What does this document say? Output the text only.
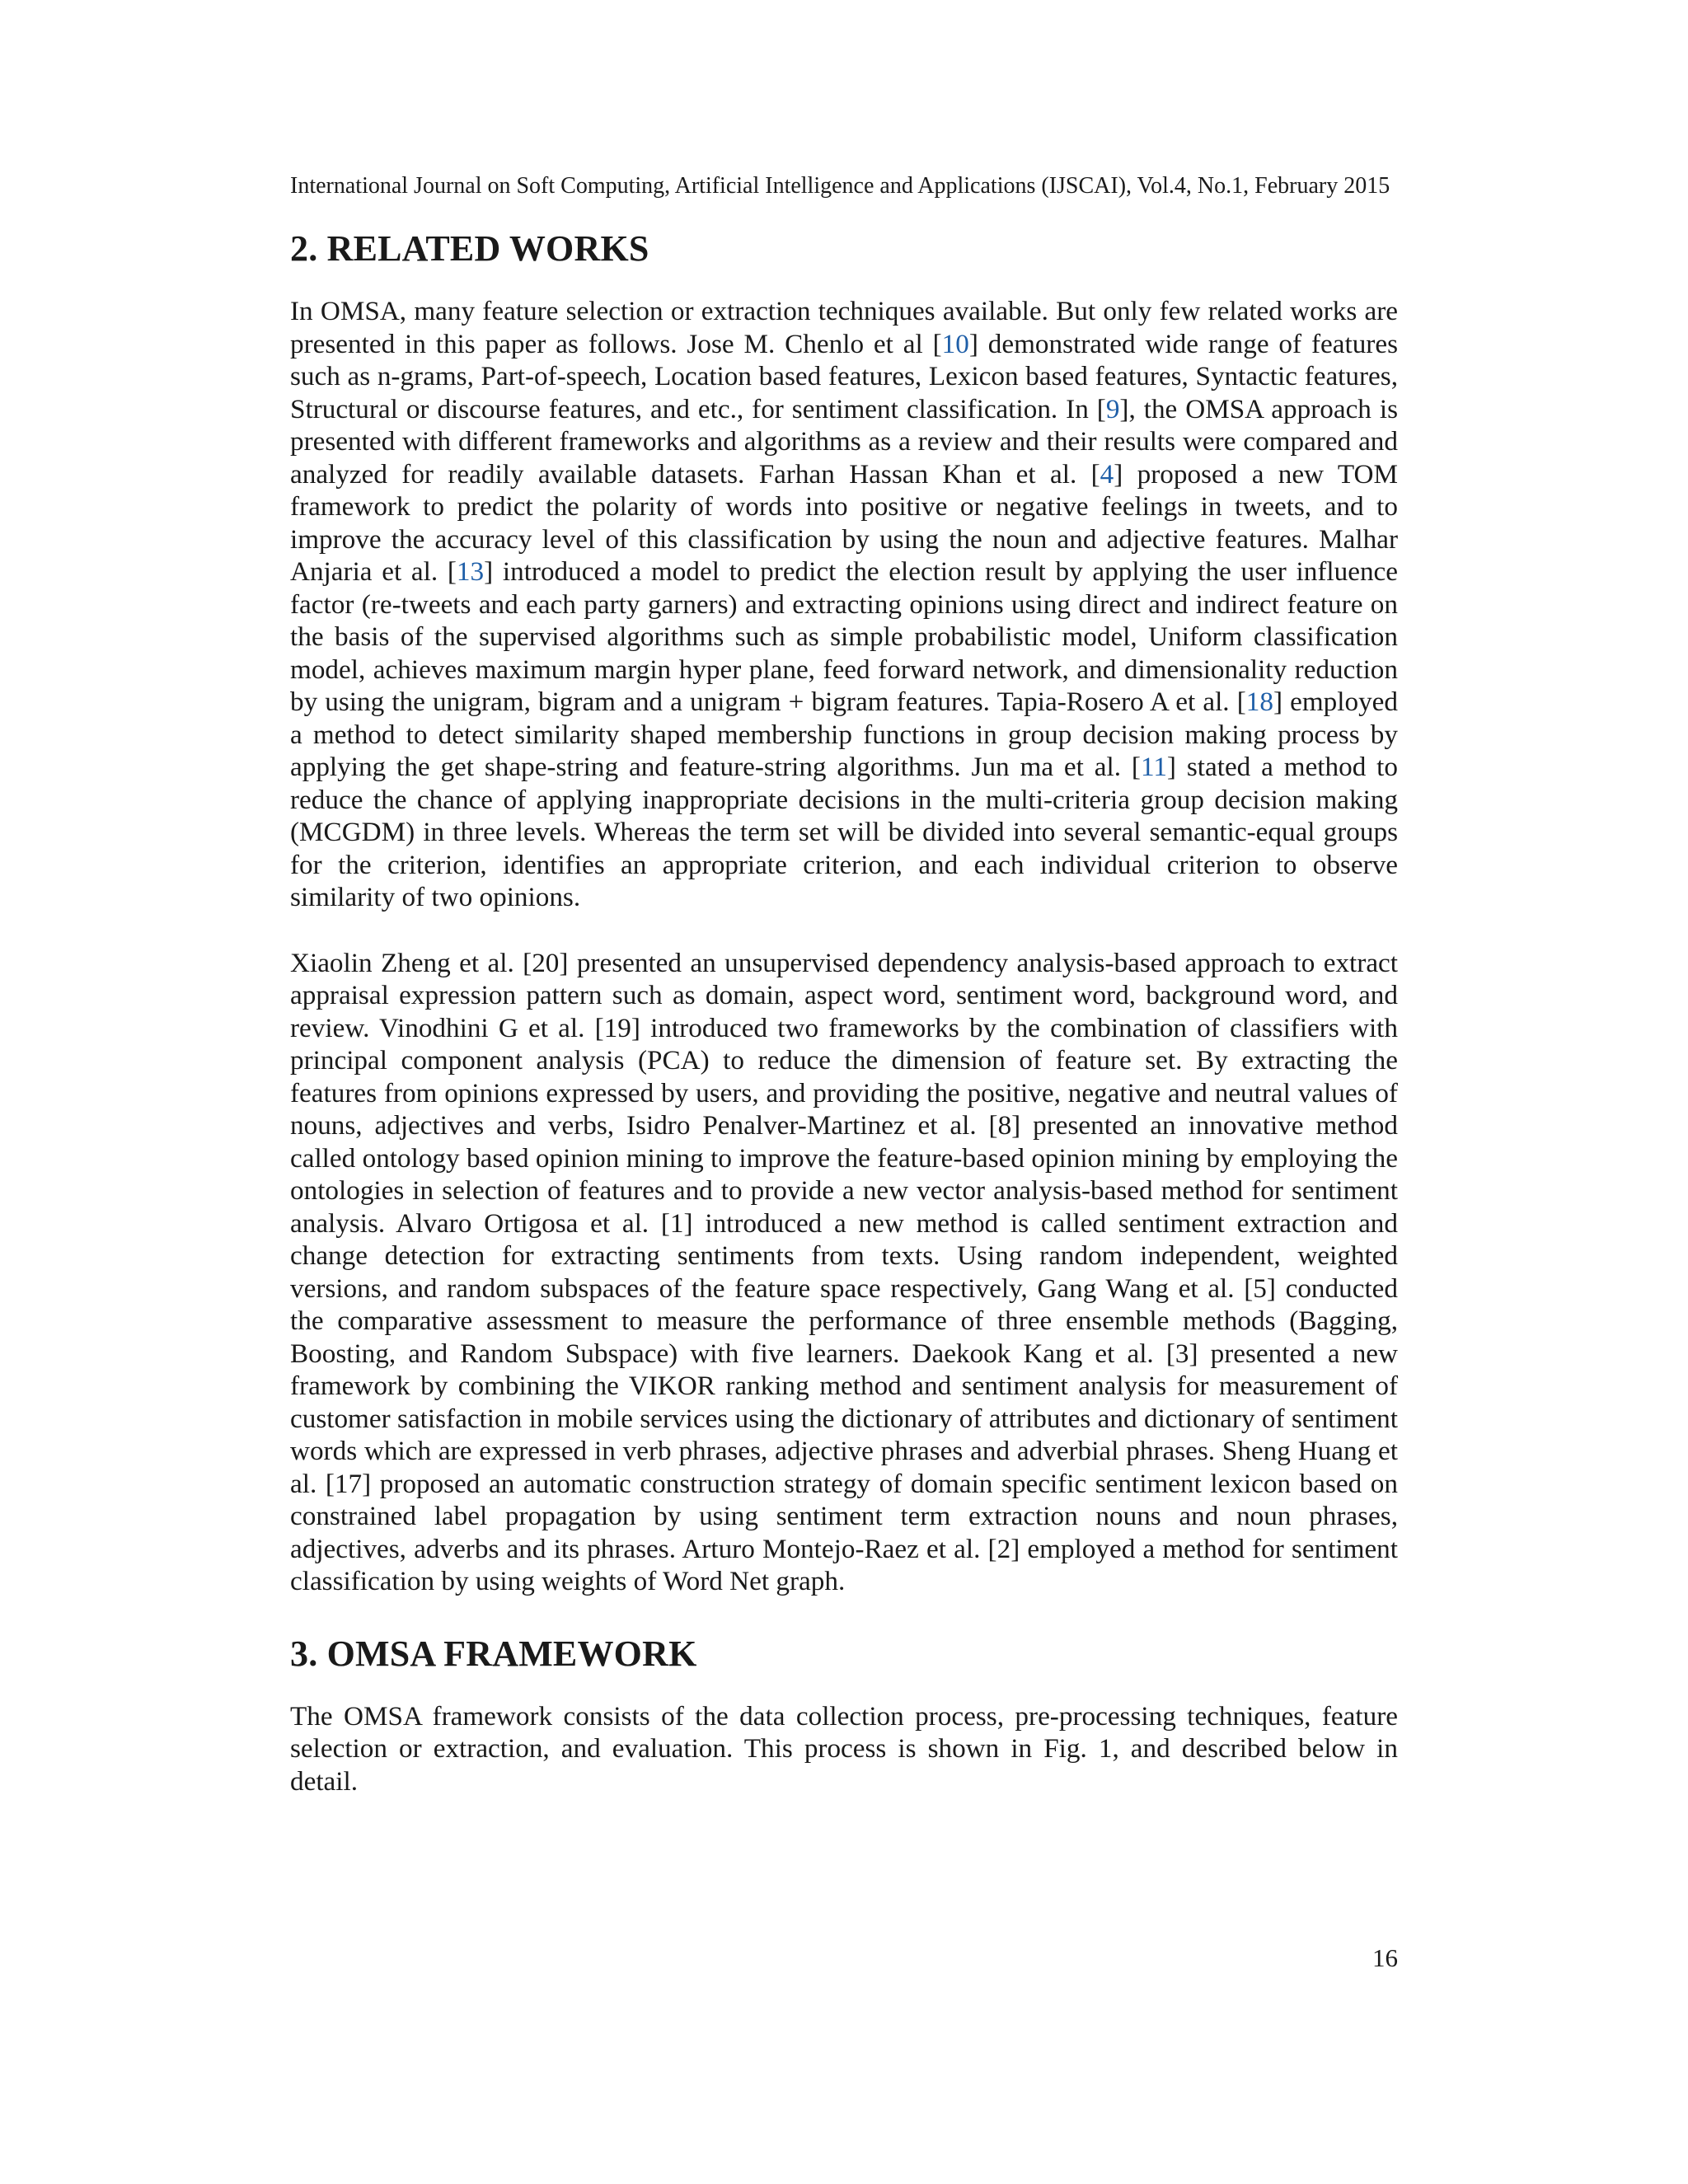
International Journal on Soft Computing, Artificial Intelligence and Applications (IJSCAI), Vol.4, No.1, February 2015
2. RELATED WORKS

In OMSA, many feature selection or extraction techniques available. But only few related works are presented in this paper as follows. Jose M. Chenlo et al [10] demonstrated wide range of features such as n-grams, Part-of-speech, Location based features, Lexicon based features, Syntactic features, Structural or discourse features, and etc., for sentiment classification. In [9], the OMSA approach is presented with different frameworks and algorithms as a review and their results were compared and analyzed for readily available datasets. Farhan Hassan Khan et al. [4] proposed a new TOM framework to predict the polarity of words into positive or negative feelings in tweets, and to improve the accuracy level of this classification by using the noun and adjective features. Malhar Anjaria et al. [13] introduced a model to predict the election result by applying the user influence factor (re-tweets and each party garners) and extracting opinions using direct and indirect feature on the basis of the supervised algorithms such as simple probabilistic model, Uniform classification model, achieves maximum margin hyper plane, feed forward network, and dimensionality reduction by using the unigram, bigram and a unigram + bigram features. Tapia-Rosero A et al. [18] employed a method to detect similarity shaped membership functions in group decision making process by applying the get shape-string and feature-string algorithms. Jun ma et al. [11] stated a method to reduce the chance of applying inappropriate decisions in the multi-criteria group decision making (MCGDM) in three levels. Whereas the term set will be divided into several semantic-equal groups for the criterion, identifies an appropriate criterion, and each individual criterion to observe similarity of two opinions.

Xiaolin Zheng et al. [20] presented an unsupervised dependency analysis-based approach to extract appraisal expression pattern such as domain, aspect word, sentiment word, background word, and review. Vinodhini G et al. [19] introduced two frameworks by the combination of classifiers with principal component analysis (PCA) to reduce the dimension of feature set. By extracting the features from opinions expressed by users, and providing the positive, negative and neutral values of nouns, adjectives and verbs, Isidro Penalver-Martinez et al. [8] presented an innovative method called ontology based opinion mining to improve the feature-based opinion mining by employing the ontologies in selection of features and to provide a new vector analysis-based method for sentiment analysis. Alvaro Ortigosa et al. [1] introduced a new method is called sentiment extraction and change detection for extracting sentiments from texts. Using random independent, weighted versions, and random subspaces of the feature space respectively, Gang Wang et al. [5] conducted the comparative assessment to measure the performance of three ensemble methods (Bagging, Boosting, and Random Subspace) with five learners. Daekook Kang et al. [3] presented a new framework by combining the VIKOR ranking method and sentiment analysis for measurement of customer satisfaction in mobile services using the dictionary of attributes and dictionary of sentiment words which are expressed in verb phrases, adjective phrases and adverbial phrases. Sheng Huang et al. [17] proposed an automatic construction strategy of domain specific sentiment lexicon based on constrained label propagation by using sentiment term extraction nouns and noun phrases, adjectives, adverbs and its phrases. Arturo Montejo-Raez et al. [2] employed a method for sentiment classification by using weights of Word Net graph.

3. OMSA FRAMEWORK

The OMSA framework consists of the data collection process, pre-processing techniques, feature selection or extraction, and evaluation. This process is shown in Fig. 1, and described below in detail.

16
